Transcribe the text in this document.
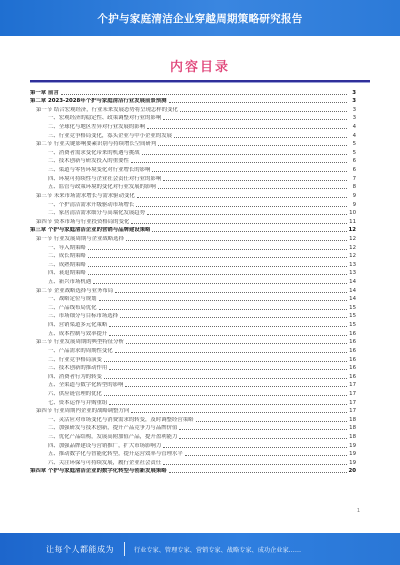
个护与家庭清洁企业穿越周期策略研究报告
内容目录
第一章 前言	3
第二章 2023-2028年个护与家庭清洁行业发展前景预测	3
第一节 结合宏观经济，行业未来发展态势将呈现怎样的变化	3
一、宏观经济的稳定性、政策调整对行业的影响	3
二、全球化与地区差异对行业发展的影响	4
三、行业竞争格局变化，寡头企业与中小企业的发展	4
第二节 行业关键影响要素识别与持续增长空间研判	5
一、消费者需求变化带来的机遇与挑战	5
二、技术创新与研发投入的重要性	6
三、渠道与零售环境变化对行业增长的影响	6
四、环境可持续性与企业社会责任对行业的影响	7
五、监管与政策环境的变化对行业发展的影响	8
第三节 未来市场需求增长与需求驱动变化	9
一、个护清洁需求升级驱动市场增长	9
二、家居清洁需求细分与高端化发展趋势	10
第四节 资本市场与行业投资格局的变化	11
第三章 个护与家庭清洁企业的营销与品牌建设策略	12
第一节 行业发展周期与企业战略选择	12
一、导入期策略	12
二、成长期策略	12
三、成熟期策略	13
四、衰退期策略	13
五、新兴市场机遇	14
第二节 企业战略选择与业务布局	14
一、战略定位与规划	14
二、产品线布局优化	15
三、市场细分与目标市场选择	15
四、营销渠道多元化策略	15
五、成本控制与效率提升	16
第三节 行业发展周期的典型特征分析	16
一、产品需求的周期性变化	16
二、行业竞争格局演变	16
三、技术创新的推动作用	16
四、消费者行为的转变	16
五、全渠道与数字化转型的影响	17
六、供应链管理的优化	17
七、资本运作与并购重组	17
第四节 行业周期内企业的战略调整方向	17
一、灵活应对市场变化与消费需求的转变，及时调整经营策略	18
二、加强研发与技术创新，提升产品竞争力与品牌价值	18
三、优化产品结构，发展高附加值产品，提升盈利能力	18
四、加强品牌建设与营销推广，扩大市场影响力	19
五、推动数字化与智能化转型，提升运营效率与管理水平	19
六、关注环保与可持续发展，履行企业社会责任	19
第四章 个护与家庭清洁企业的数字化转型与创新发展策略	20
1
让每个人都能成为	行业专家、管理专家、营销专家、战略专家、成功企业家……
